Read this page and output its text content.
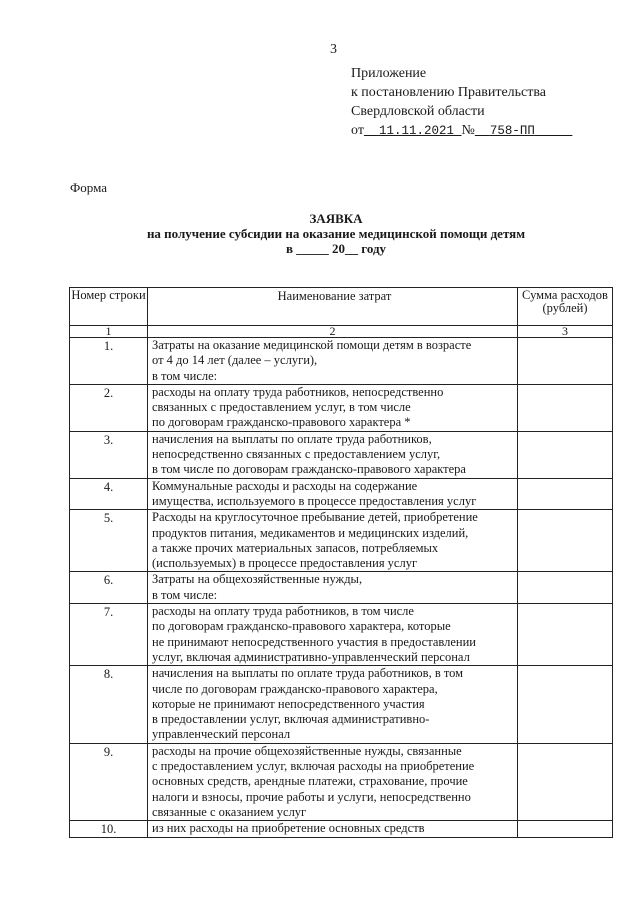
3
Приложение
к постановлению Правительства
Свердловской области
от 11.11.2021 № 758-ПП
Форма
ЗАЯВКА
на получение субсидии на оказание медицинской помощи детям
в _____ 20__ году
Номер строки	Наименование затрат	Сумма расходов (рублей)
1	2	3
1.	Затраты на оказание медицинской помощи детям в возрасте
от 4 до 14 лет (далее – услуги),
в том числе:	

2.	расходы на оплату труда работников, непосредственно
связанных с предоставлением услуг, в том числе
по договорам гражданско-правового характера *	

3.	начисления на выплаты по оплате труда работников,
непосредственно связанных с предоставлением услуг,
в том числе по договорам гражданско-правового характера	

4.	Коммунальные расходы и расходы на содержание
имущества, используемого в процессе предоставления услуг	

5.	Расходы на круглосуточное пребывание детей, приобретение
продуктов питания, медикаментов и медицинских изделий,
а также прочих материальных запасов, потребляемых
(используемых) в процессе предоставления услуг	

6.	Затраты на общехозяйственные нужды,
в том числе:	

7.	расходы на оплату труда работников, в том числе
по договорам гражданско-правового характера, которые
не принимают непосредственного участия в предоставлении
услуг, включая административно-управленческий персонал	

8.	начисления на выплаты по оплате труда работников, в том
числе по договорам гражданско-правового характера,
которые не принимают непосредственного участия
в предоставлении услуг, включая административно-
управленческий персонал	

9.	расходы на прочие общехозяйственные нужды, связанные
с предоставлением услуг, включая расходы на приобретение
основных средств, арендные платежи, страхование, прочие
налоги и взносы, прочие работы и услуги, непосредственно
связанные с оказанием услуг	

10.	из них расходы на приобретение основных средств	
